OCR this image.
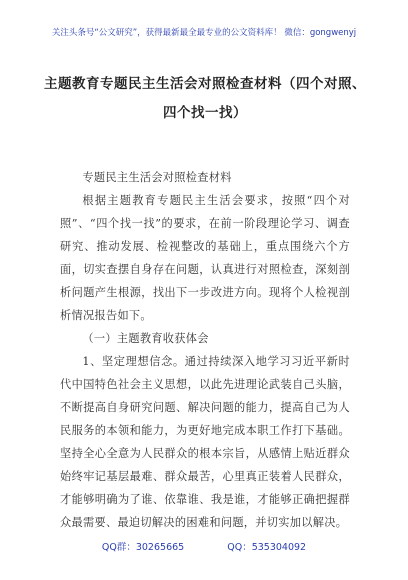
关注头条号“公文研究”，获得最新最全最专业的公文资料库！ 微信：gongwenyj
主题教育专题民主生活会对照检查材料（四个对照、四个找一找）

专题民主生活会对照检查材料

根据主题教育专题民主生活会要求，按照“四个对照”、“四个找一找”的要求，在前一阶段理论学习、调查研究、推动发展、检视整改的基础上，重点围绕六个方面，切实查摆自身存在问题，认真进行对照检查，深刻剖析问题产生根源，找出下一步改进方向。现将个人检视剖析情况报告如下。

（一）主题教育收获体会

1、坚定理想信念。通过持续深入地学习习近平新时代中国特色社会主义思想，以此先进理论武装自己头脑，不断提高自身研究问题、解决问题的能力，提高自己为人民服务的本领和能力，为更好地完成本职工作打下基础。坚持全心全意为人民群众的根本宗旨，从感情上贴近群众始终牢记基层最难、群众最苦，心里真正装着人民群众，才能够明确为了谁、依靠谁、我是谁，才能够正确把握群众最需要、最迫切解决的困难和问题，并切实加以解决。

QQ群：30265665	QQ：535304092
